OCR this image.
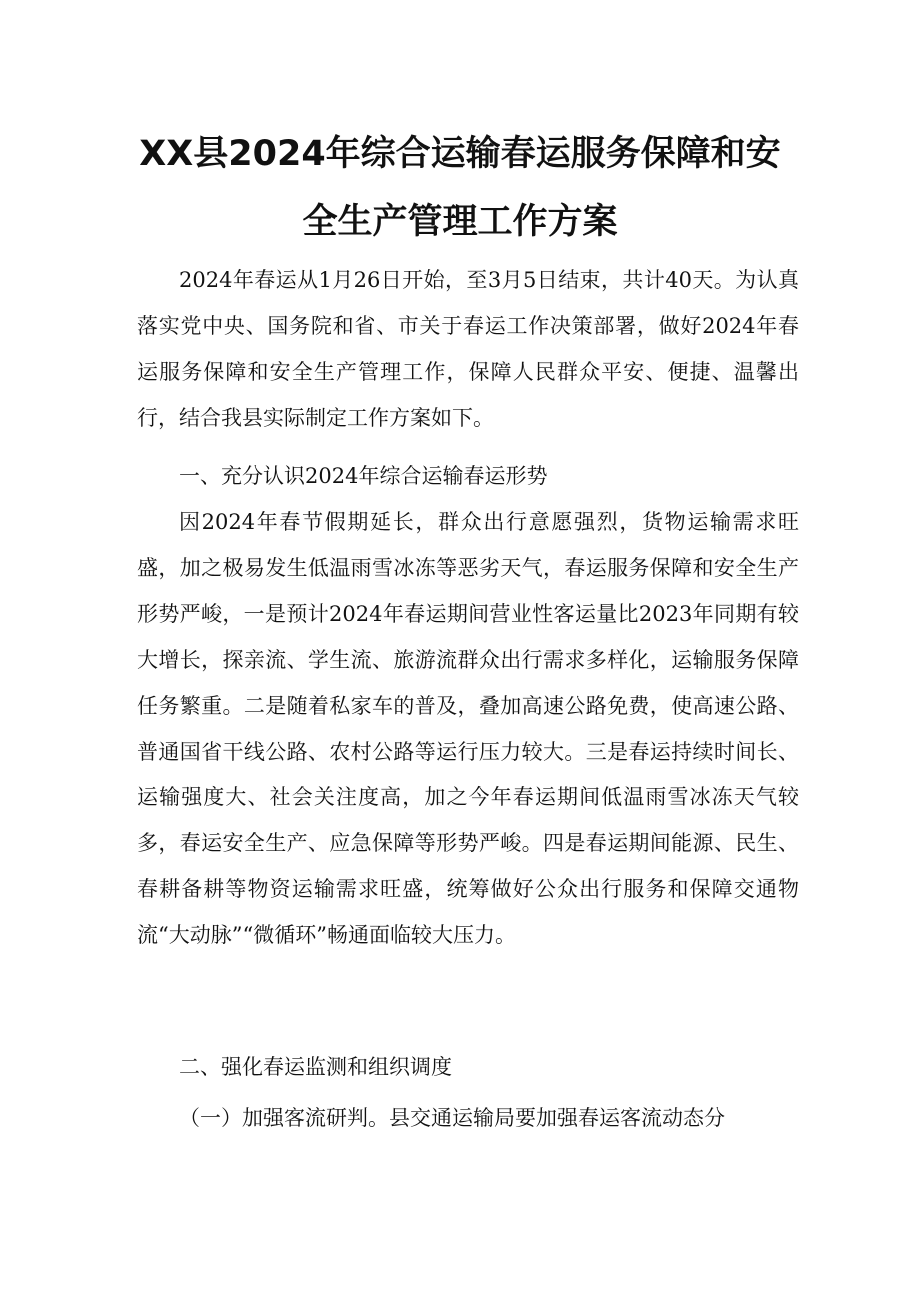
XX县2024年综合运输春运服务保障和安
全生产管理工作方案

2024年春运从1月26日开始，至3月5日结束，共计40天。为认真落实党中央、国务院和省、市关于春运工作决策部署，做好2024年春运服务保障和安全生产管理工作，保障人民群众平安、便捷、温馨出行，结合我县实际制定工作方案如下。

一、充分认识2024年综合运输春运形势

因2024年春节假期延长，群众出行意愿强烈，货物运输需求旺盛，加之极易发生低温雨雪冰冻等恶劣天气，春运服务保障和安全生产形势严峻，一是预计2024年春运期间营业性客运量比2023年同期有较大增长，探亲流、学生流、旅游流群众出行需求多样化，运输服务保障任务繁重。二是随着私家车的普及，叠加高速公路免费，使高速公路、普通国省干线公路、农村公路等运行压力较大。三是春运持续时间长、运输强度大、社会关注度高，加之今年春运期间低温雨雪冰冻天气较多，春运安全生产、应急保障等形势严峻。四是春运期间能源、民生、春耕备耕等物资运输需求旺盛，统筹做好公众出行服务和保障交通物流“大动脉”“微循环”畅通面临较大压力。

二、强化春运监测和组织调度

（一）加强客流研判。县交通运输局要加强春运客流动态分
